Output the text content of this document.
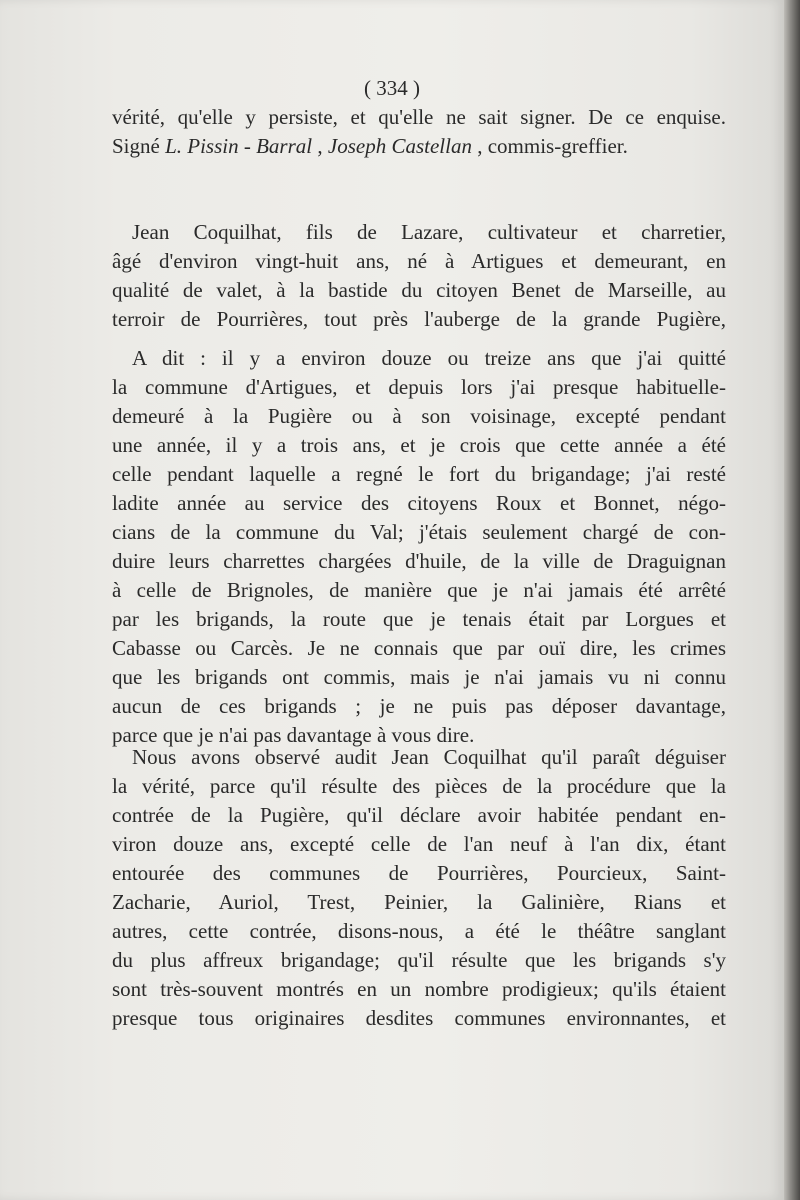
( 334 )
vérité, qu'elle y persiste, et qu'elle ne sait signer. De ce enquise.
Signé L. Pissin - Barral , Joseph Castellan , commis-greffier.
Jean Coquilhat, fils de Lazare, cultivateur et charretier,
âgé d'environ vingt-huit ans, né à Artigues et demeurant, en
qualité de valet, à la bastide du citoyen Benet de Marseille, au
terroir de Pourrières, tout près l'auberge de la grande Pugière,
A dit : il y a environ douze ou treize ans que j'ai quitté
la commune d'Artigues, et depuis lors j'ai presque habituelle-
demeuré à la Pugière ou à son voisinage, excepté pendant
une année, il y a trois ans, et je crois que cette année a été
celle pendant laquelle a regné le fort du brigandage; j'ai resté
ladite année au service des citoyens Roux et Bonnet, négo-
cians de la commune du Val; j'étais seulement chargé de con-
duire leurs charrettes chargées d'huile, de la ville de Draguignan
à celle de Brignoles, de manière que je n'ai jamais été arrêté
par les brigands, la route que je tenais était par Lorgues et
Cabasse ou Carcès. Je ne connais que par ouï dire, les crimes
que les brigands ont commis, mais je n'ai jamais vu ni connu
aucun de ces brigands ; je ne puis pas déposer davantage,
parce que je n'ai pas davantage à vous dire.
Nous avons observé audit Jean Coquilhat qu'il paraît déguiser
la vérité, parce qu'il résulte des pièces de la procédure que la
contrée de la Pugière, qu'il déclare avoir habitée pendant en-
viron douze ans, excepté celle de l'an neuf à l'an dix, étant
entourée des communes de Pourrières, Pourcieux, Saint-
Zacharie, Auriol, Trest, Peinier, la Galinière, Rians et
autres, cette contrée, disons-nous, a été le théâtre sanglant
du plus affreux brigandage; qu'il résulte que les brigands s'y
sont très-souvent montrés en un nombre prodigieux; qu'ils étaient
presque tous originaires desdites communes environnantes, et
